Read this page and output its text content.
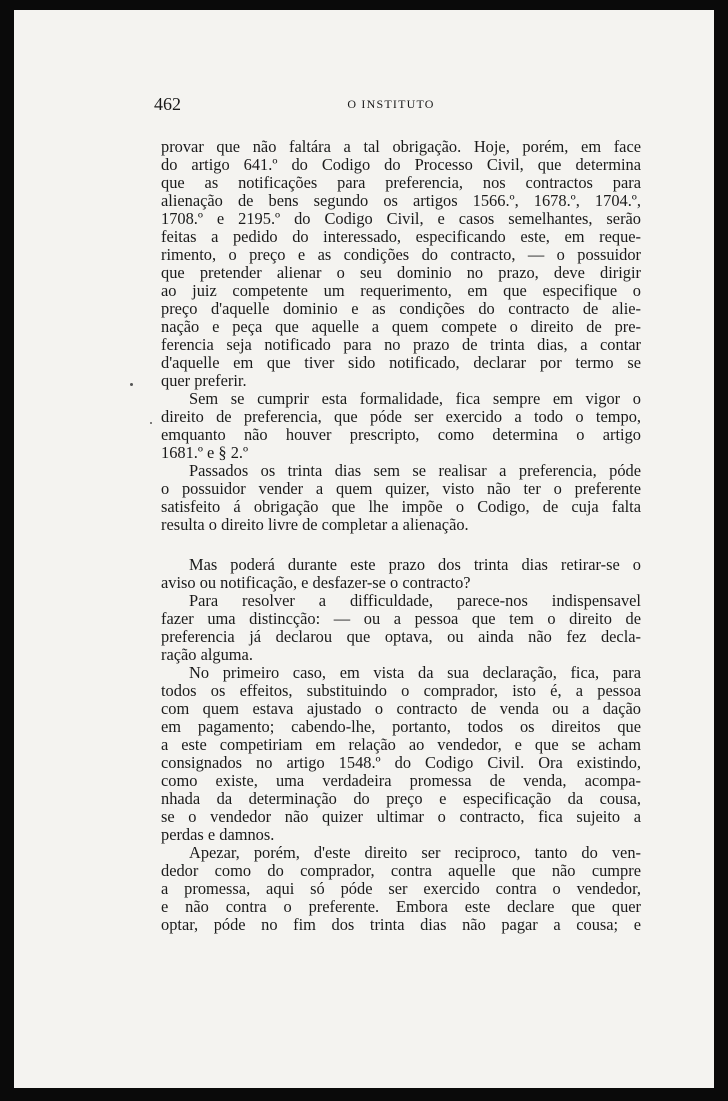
462	O INSTITUTO
provar que não faltára a tal obrigação. Hoje, porém, em face
do artigo 641.º do Codigo do Processo Civil, que determina
que as notificações para preferencia, nos contractos para
alienação de bens segundo os artigos 1566.º, 1678.º, 1704.º,
1708.º e 2195.º do Codigo Civil, e casos semelhantes, serão
feitas a pedido do interessado, especificando este, em reque-
rimento, o preço e as condições do contracto, — o possuidor
que pretender alienar o seu dominio no prazo, deve dirigir
ao juiz competente um requerimento, em que especifique o
preço d'aquelle dominio e as condições do contracto de alie-
nação e peça que aquelle a quem compete o direito de pre-
ferencia seja notificado para no prazo de trinta dias, a contar
d'aquelle em que tiver sido notificado, declarar por termo se
quer preferir.
Sem se cumprir esta formalidade, fica sempre em vigor o
direito de preferencia, que póde ser exercido a todo o tempo,
emquanto não houver prescripto, como determina o artigo
1681.º e § 2.º
Passados os trinta dias sem se realisar a preferencia, póde
o possuidor vender a quem quizer, visto não ter o preferente
satisfeito á obrigação que lhe impõe o Codigo, de cuja falta
resulta o direito livre de completar a alienação.
Mas poderá durante este prazo dos trinta dias retirar-se o
aviso ou notificação, e desfazer-se o contracto?
Para resolver a difficuldade, parece-nos indispensavel
fazer uma distincção: — ou a pessoa que tem o direito de
preferencia já declarou que optava, ou ainda não fez decla-
ração alguma.
No primeiro caso, em vista da sua declaração, fica, para
todos os effeitos, substituindo o comprador, isto é, a pessoa
com quem estava ajustado o contracto de venda ou a dação
em pagamento; cabendo-lhe, portanto, todos os direitos que
a este competiriam em relação ao vendedor, e que se acham
consignados no artigo 1548.º do Codigo Civil. Ora existindo,
como existe, uma verdadeira promessa de venda, acompa-
nhada da determinação do preço e especificação da cousa,
se o vendedor não quizer ultimar o contracto, fica sujeito a
perdas e damnos.
Apezar, porém, d'este direito ser reciproco, tanto do ven-
dedor como do comprador, contra aquelle que não cumpre
a promessa, aqui só póde ser exercido contra o vendedor,
e não contra o preferente. Embora este declare que quer
optar, póde no fim dos trinta dias não pagar a cousa; e
